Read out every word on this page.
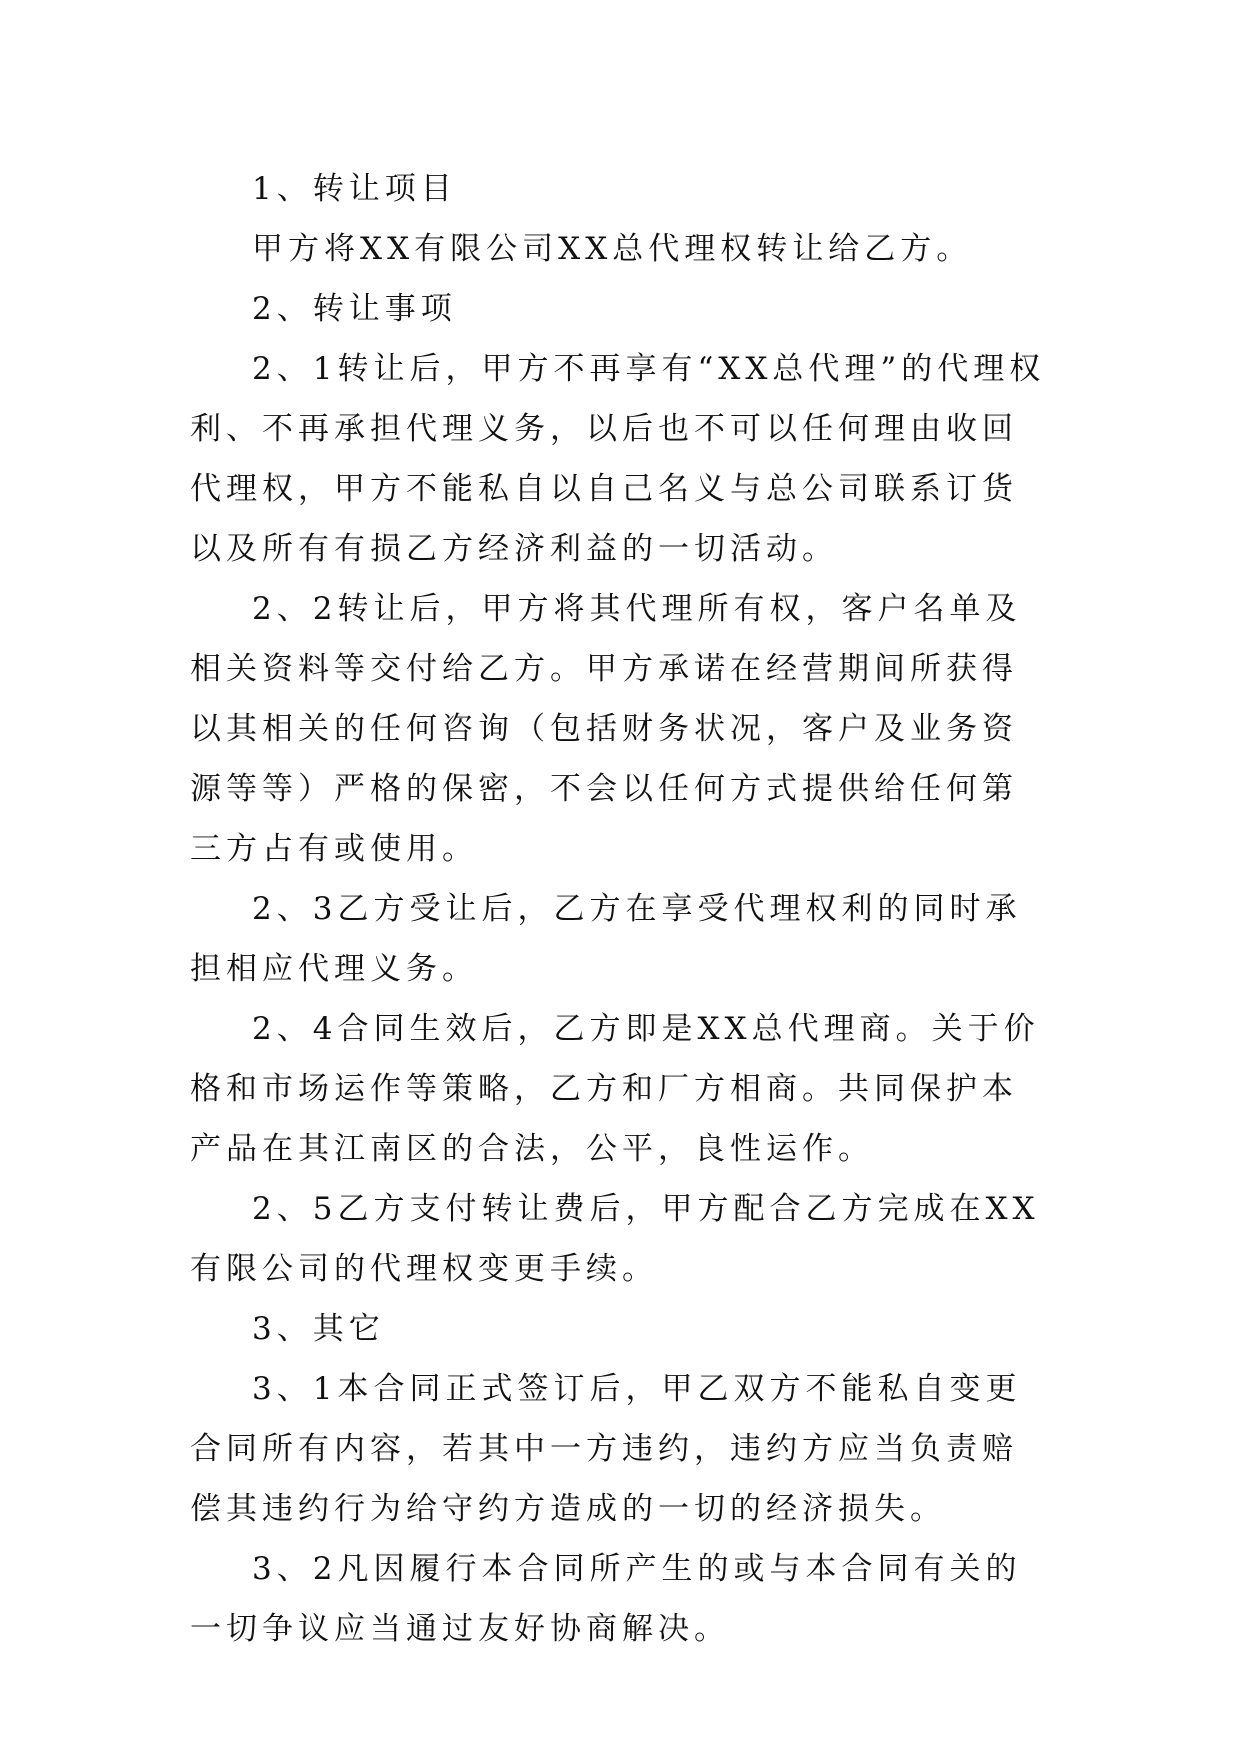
1、转让项目

甲方将XX有限公司XX总代理权转让给乙方。

2、转让事项

2、1转让后，甲方不再享有“XX总代理”的代理权利、不再承担代理义务，以后也不可以任何理由收回代理权，甲方不能私自以自己名义与总公司联系订货以及所有有损乙方经济利益的一切活动。

2、2转让后，甲方将其代理所有权，客户名单及相关资料等交付给乙方。甲方承诺在经营期间所获得以其相关的任何咨询（包括财务状况，客户及业务资源等等）严格的保密，不会以任何方式提供给任何第三方占有或使用。

2、3乙方受让后，乙方在享受代理权利的同时承担相应代理义务。

2、4合同生效后，乙方即是XX总代理商。关于价格和市场运作等策略，乙方和厂方相商。共同保护本产品在其江南区的合法，公平，良性运作。

2、5乙方支付转让费后，甲方配合乙方完成在XX有限公司的代理权变更手续。

3、其它

3、1本合同正式签订后，甲乙双方不能私自变更合同所有内容，若其中一方违约，违约方应当负责赔偿其违约行为给守约方造成的一切的经济损失。

3、2凡因履行本合同所产生的或与本合同有关的一切争议应当通过友好协商解决。
